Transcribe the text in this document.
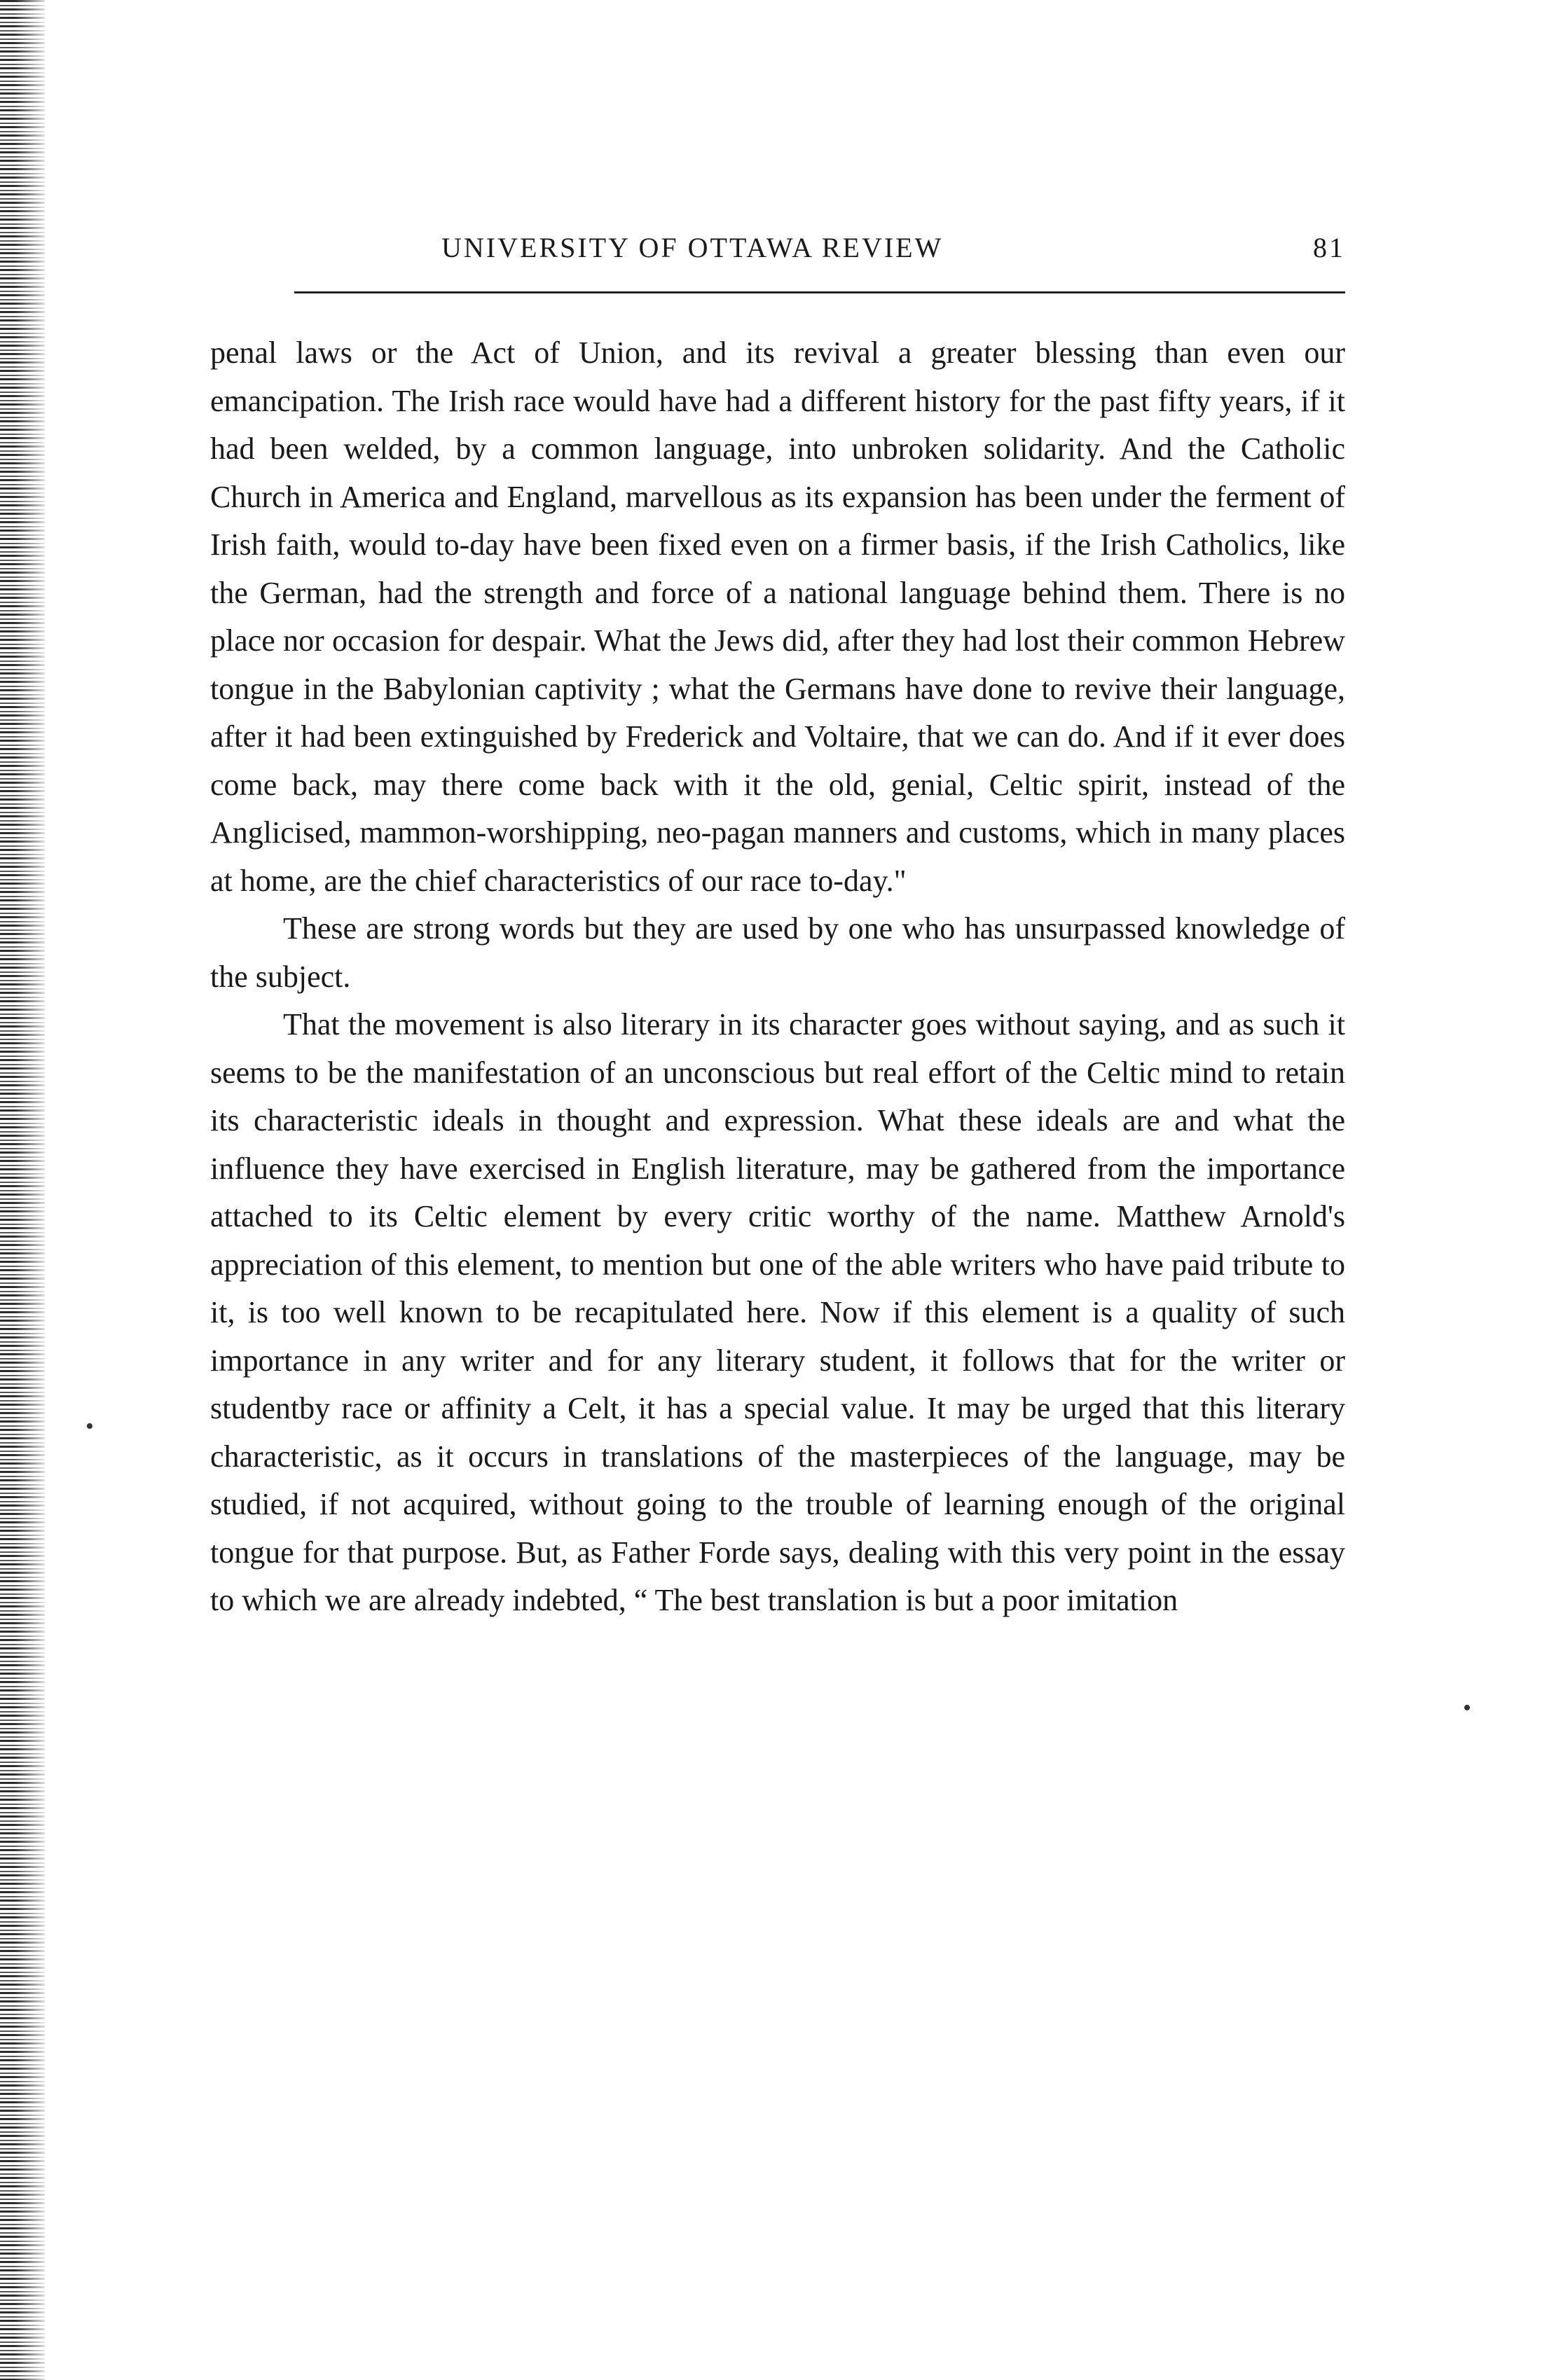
UNIVERSITY OF OTTAWA REVIEW	81

penal laws or the Act of Union, and its revival a greater blessing than even our emancipation. The Irish race would have had a different history for the past fifty years, if it had been welded, by a common language, into unbroken solidarity. And the Catholic Church in America and England, marvellous as its expansion has been under the ferment of Irish faith, would to-day have been fixed even on a firmer basis, if the Irish Catholics, like the German, had the strength and force of a national language behind them. There is no place nor occasion for despair. What the Jews did, after they had lost their common Hebrew tongue in the Babylonian captivity ; what the Germans have done to revive their language, after it had been extinguished by Frederick and Voltaire, that we can do. And if it ever does come back, may there come back with it the old, genial, Celtic spirit, instead of the Anglicised, mammon-worshipping, neo-pagan manners and customs, which in many places at home, are the chief characteristics of our race to-day."

These are strong words but they are used by one who has unsurpassed knowledge of the subject.

That the movement is also literary in its character goes without saying, and as such it seems to be the manifestation of an unconscious but real effort of the Celtic mind to retain its characteristic ideals in thought and expression. What these ideals are and what the influence they have exercised in English literature, may be gathered from the importance attached to its Celtic element by every critic worthy of the name. Matthew Arnold's appreciation of this element, to mention but one of the able writers who have paid tribute to it, is too well known to be recapitulated here. Now if this element is a quality of such importance in any writer and for any literary student, it follows that for the writer or studentby race or affinity a Celt, it has a special value. It may be urged that this literary characteristic, as it occurs in translations of the masterpieces of the language, may be studied, if not acquired, without going to the trouble of learning enough of the original tongue for that purpose. But, as Father Forde says, dealing with this very point in the essay to which we are already indebted, “ The best translation is but a poor imitation

•
•
